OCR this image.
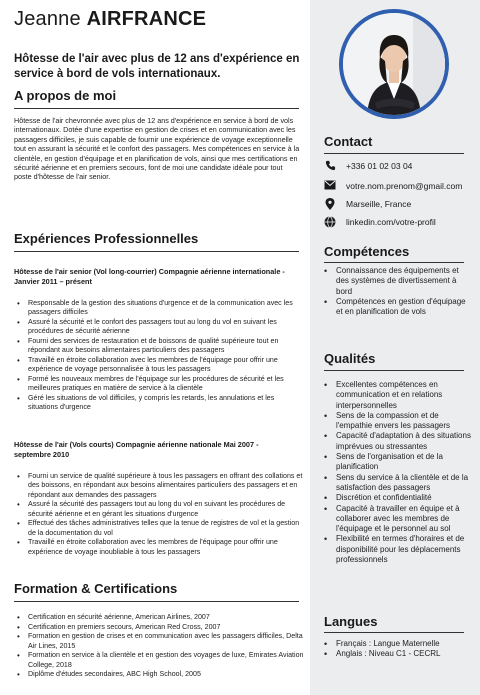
Jeanne AIRFRANCE
Hôtesse de l'air avec plus de 12 ans d'expérience en service à bord de vols internationaux.
A propos de moi
Hôtesse de l'air chevronnée avec plus de 12 ans d'expérience en service à bord de vols internationaux. Dotée d'une expertise en gestion de crises et en communication avec les passagers difficiles, je suis capable de fournir une expérience de voyage exceptionnelle tout en assurant la sécurité et le confort des passagers. Mes compétences en service à la clientèle, en gestion d'équipage et en planification de vols, ainsi que mes certifications en sécurité aérienne et en premiers secours, font de moi une candidate idéale pour tout poste d'hôtesse de l'air senior.
Expériences Professionnelles
Hôtesse de l'air senior (Vol long-courrier) Compagnie aérienne internationale - Janvier 2011 – présent
• Responsable de la gestion des situations d'urgence et de la communication avec les passagers difficiles
• Assuré la sécurité et le confort des passagers tout au long du vol en suivant les procédures de sécurité aérienne
• Fourni des services de restauration et de boissons de qualité supérieure tout en répondant aux besoins alimentaires particuliers des passagers
• Travaillé en étroite collaboration avec les membres de l'équipage pour offrir une expérience de voyage personnalisée à tous les passagers
• Formé les nouveaux membres de l'équipage sur les procédures de sécurité et les meilleures pratiques en matière de service à la clientèle
• Géré les situations de vol difficiles, y compris les retards, les annulations et les situations d'urgence
Hôtesse de l'air (Vols courts) Compagnie aérienne nationale Mai 2007 - septembre 2010
• Fourni un service de qualité supérieure à tous les passagers en offrant des collations et des boissons, en répondant aux besoins alimentaires particuliers des passagers et en répondant aux demandes des passagers
• Assuré la sécurité des passagers tout au long du vol en suivant les procédures de sécurité aérienne et en gérant les situations d'urgence
• Effectué des tâches administratives telles que la tenue de registres de vol et la gestion de la documentation du vol
• Travaillé en étroite collaboration avec les membres de l'équipage pour offrir une expérience de voyage inoubliable à tous les passagers
Formation & Certifications
• Certification en sécurité aérienne, American Airlines, 2007
• Certification en premiers secours, American Red Cross, 2007
• Formation en gestion de crises et en communication avec les passagers difficiles, Delta Air Lines, 2015
• Formation en service à la clientèle et en gestion des voyages de luxe, Emirates Aviation College, 2018
• Diplôme d'études secondaires, ABC High School, 2005
Contact
+336 01 02 03 04
votre.nom.prenom@gmail.com
Marseille, France
linkedin.com/votre-profil
Compétences
• Connaissance des équipements et des systèmes de divertissement à bord
• Compétences en gestion d'équipage et en planification de vols
Qualités
• Excellentes compétences en communication et en relations interpersonnelles
• Sens de la compassion et de l'empathie envers les passagers
• Capacité d'adaptation à des situations imprévues ou stressantes
• Sens de l'organisation et de la planification
• Sens du service à la clientèle et de la satisfaction des passagers
• Discrétion et confidentialité
• Capacité à travailler en équipe et à collaborer avec les membres de l'équipage et le personnel au sol
• Flexibilité en termes d'horaires et de disponibilité pour les déplacements professionnels
Langues
• Français : Langue Maternelle
• Anglais : Niveau C1 - CECRL
